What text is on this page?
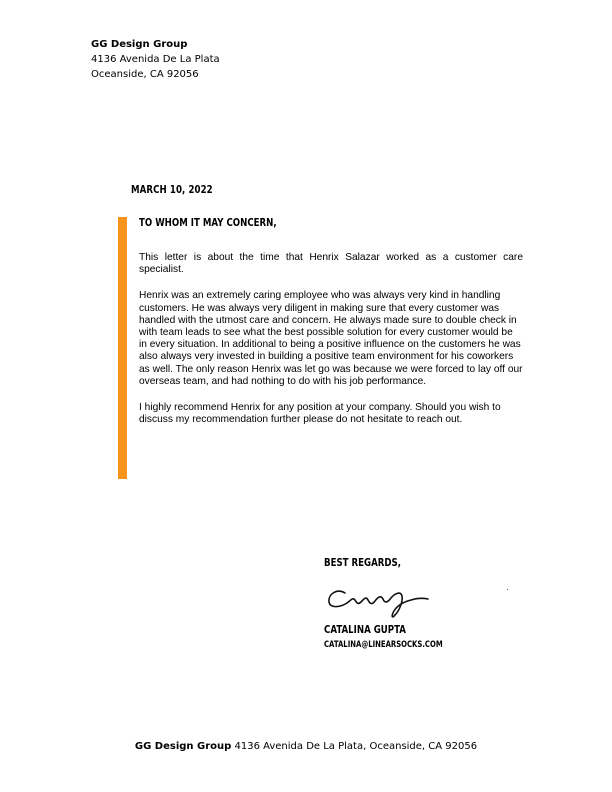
GG Design Group
4136 Avenida De La Plata
Oceanside, CA 92056
MARCH 10, 2022
TO WHOM IT MAY CONCERN,

This letter is about the time that Henrix Salazar worked as a customer care specialist.

Henrix was an extremely caring employee who was always very kind in handling customers. He was always very diligent in making sure that every customer was handled with the utmost care and concern. He always made sure to double check in with team leads to see what the best possible solution for every customer would be in every situation. In additional to being a positive influence on the customers he was also always very invested in building a positive team environment for his coworkers as well. The only reason Henrix was let go was because we were forced to lay off our overseas team, and had nothing to do with his job performance.

I highly recommend Henrix for any position at your company. Should you wish to discuss my recommendation further please do not hesitate to reach out.

BEST REGARDS,
CATALINA GUPTA
CATALINA@LINEARSOCKS.COM
GG Design Group 4136 Avenida De La Plata, Oceanside, CA 92056
